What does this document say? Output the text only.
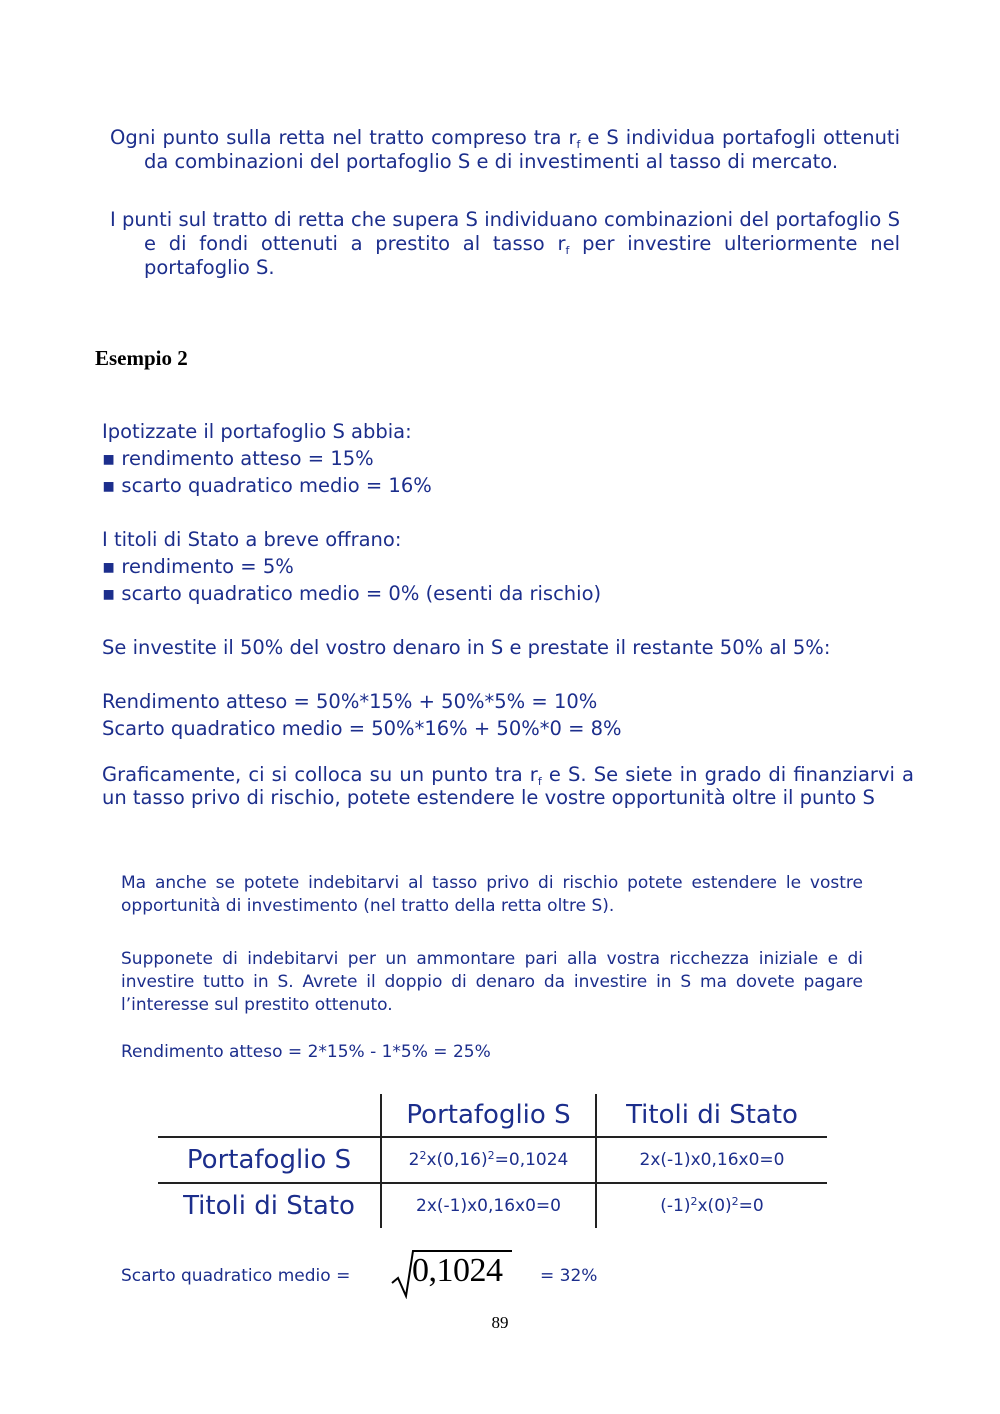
Ogni punto sulla retta nel tratto compreso tra $r_f$ e S individua portafogli ottenuti da combinazioni del portafoglio S e di investimenti al tasso di mercato.

I punti sul tratto di retta che supera S individuano combinazioni del portafoglio S e di fondi ottenuti a prestito al tasso $r_f$ per investire ulteriormente nel portafoglio S.

Esempio 2
Ipotizzate il portafoglio S abbia:
▪ rendimento atteso = 15%
▪ scarto quadratico medio = 16%
I titoli di Stato a breve offrano:
▪ rendimento = 5%
▪ scarto quadratico medio = 0% (esenti da rischio)
Se investite il 50% del vostro denaro in S e prestate il restante 50% al 5%:
Rendimento atteso = 50%*15% + 50%*5% = 10%
Scarto quadratico medio = 50%*16% + 50%*0 = 8%

Graficamente, ci si colloca su un punto tra $r_f$ e S. Se siete in grado di finanziarvi a un tasso privo di rischio, potete estendere le vostre opportunità oltre il punto S

Ma anche se potete indebitarvi al tasso privo di rischio potete estendere le vostre opportunità di investimento (nel tratto della retta oltre S).

Supponete di indebitarvi per un ammontare pari alla vostra ricchezza iniziale e di investire tutto in S. Avrete il doppio di denaro da investire in S ma dovete pagare l’interesse sul prestito ottenuto.

Rendimento atteso = 2*15% - 1*5% = 25%

	Portafoglio S	Titoli di Stato
Portafoglio S	$2^2x(0,16)^2=0,1024$	2x(-1)x0,16x0=0
Titoli di Stato	2x(-1)x0,16x0=0	$(-1)^2x(0)^2=0$
Scarto quadratico medio = 0,1024 = 32%
89
